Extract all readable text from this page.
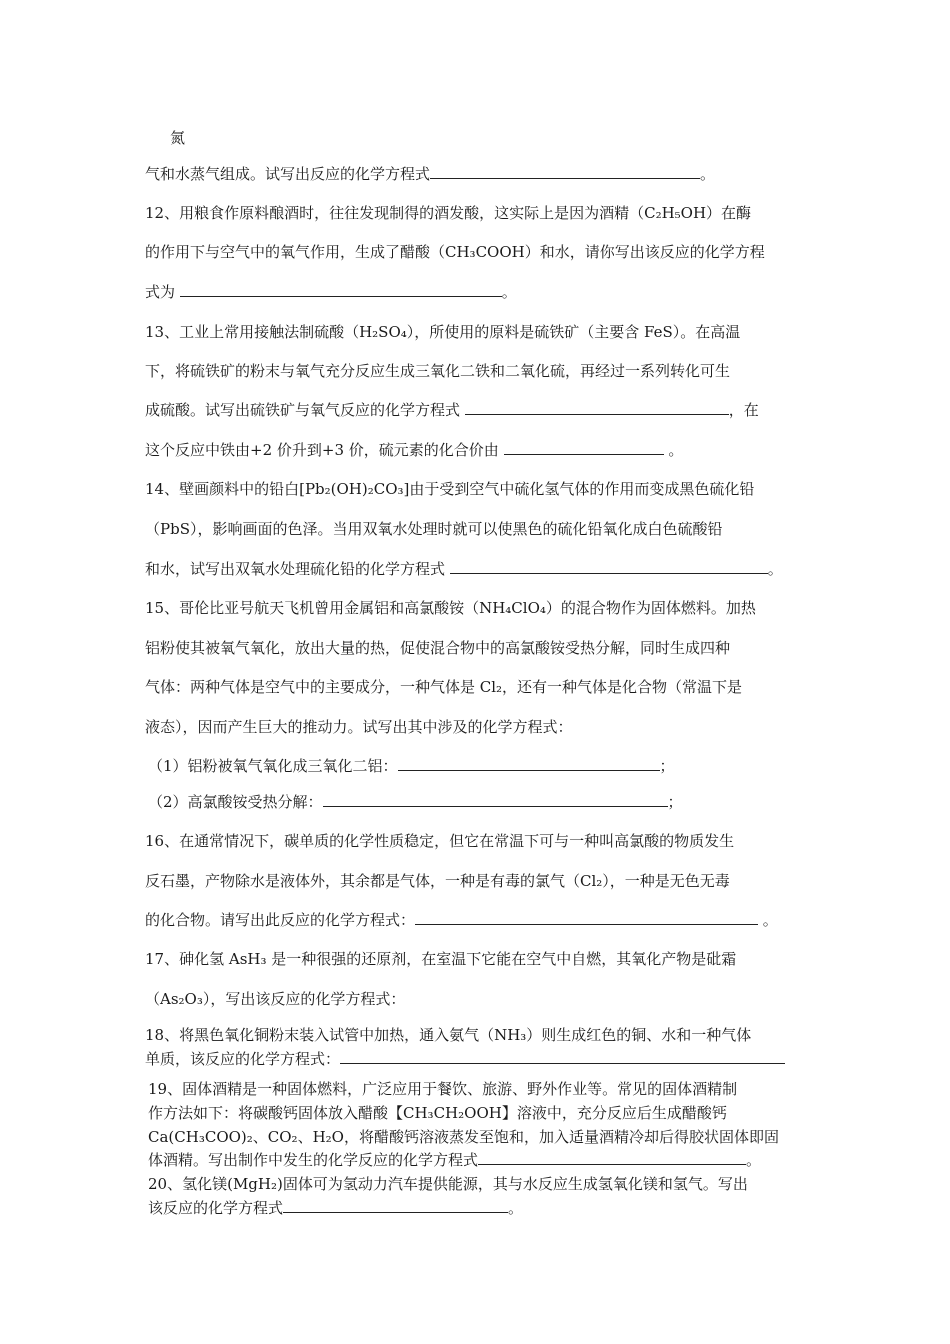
氮
气和水蒸气组成。试写出反应的化学方程式	。
12、用粮食作原料酿酒时，往往发现制得的酒发酸，这实际上是因为酒精（C₂H₅OH）在酶
的作用下与空气中的氧气作用，生成了醋酸（CH₃COOH）和水，请你写出该反应的化学方程
式为	。
13、工业上常用接触法制硫酸（H₂SO₄），所使用的原料是硫铁矿（主要含 FeS）。在高温
下，将硫铁矿的粉末与氧气充分反应生成三氧化二铁和二氧化硫，再经过一系列转化可生
成硫酸。试写出硫铁矿与氧气反应的化学方程式	，在
这个反应中铁由+2 价升到+3 价，硫元素的化合价由	。
14、壁画颜料中的铅白[Pb₂(OH)₂CO₃]由于受到空气中硫化氢气体的作用而变成黑色硫化铅
（PbS），影响画面的色泽。当用双氧水处理时就可以使黑色的硫化铅氧化成白色硫酸铅
和水，试写出双氧水处理硫化铅的化学方程式	。
15、哥伦比亚号航天飞机曾用金属铝和高氯酸铵（NH₄ClO₄）的混合物作为固体燃料。加热
铝粉使其被氧气氧化，放出大量的热，促使混合物中的高氯酸铵受热分解，同时生成四种
气体：两种气体是空气中的主要成分，一种气体是 Cl₂，还有一种气体是化合物（常温下是
液态），因而产生巨大的推动力。试写出其中涉及的化学方程式：
（1）铝粉被氧气氧化成三氧化二铝：	；
（2）高氯酸铵受热分解：	；
16、在通常情况下，碳单质的化学性质稳定，但它在常温下可与一种叫高氯酸的物质发生
反石墨，产物除水是液体外，其余都是气体，一种是有毒的氯气（Cl₂），一种是无色无毒
的化合物。请写出此反应的化学方程式：	。
17、砷化氢 AsH₃ 是一种很强的还原剂，在室温下它能在空气中自燃，其氧化产物是砒霜
（As₂O₃），写出该反应的化学方程式：
18、将黑色氧化铜粉末装入试管中加热，通入氨气（NH₃）则生成红色的铜、水和一种气体
单质，该反应的化学方程式：
19、固体酒精是一种固体燃料，广泛应用于餐饮、旅游、野外作业等。常见的固体酒精制
作方法如下：将碳酸钙固体放入醋酸【CH₃CH₂OOH】溶液中，充分反应后生成醋酸钙
Ca(CH₃COO)₂、CO₂、H₂O，将醋酸钙溶液蒸发至饱和，加入适量酒精冷却后得胶状固体即固
体酒精。写出制作中发生的化学反应的化学方程式	。
20、氢化镁(MgH₂)固体可为氢动力汽车提供能源，其与水反应生成氢氧化镁和氢气。写出
该反应的化学方程式	。
